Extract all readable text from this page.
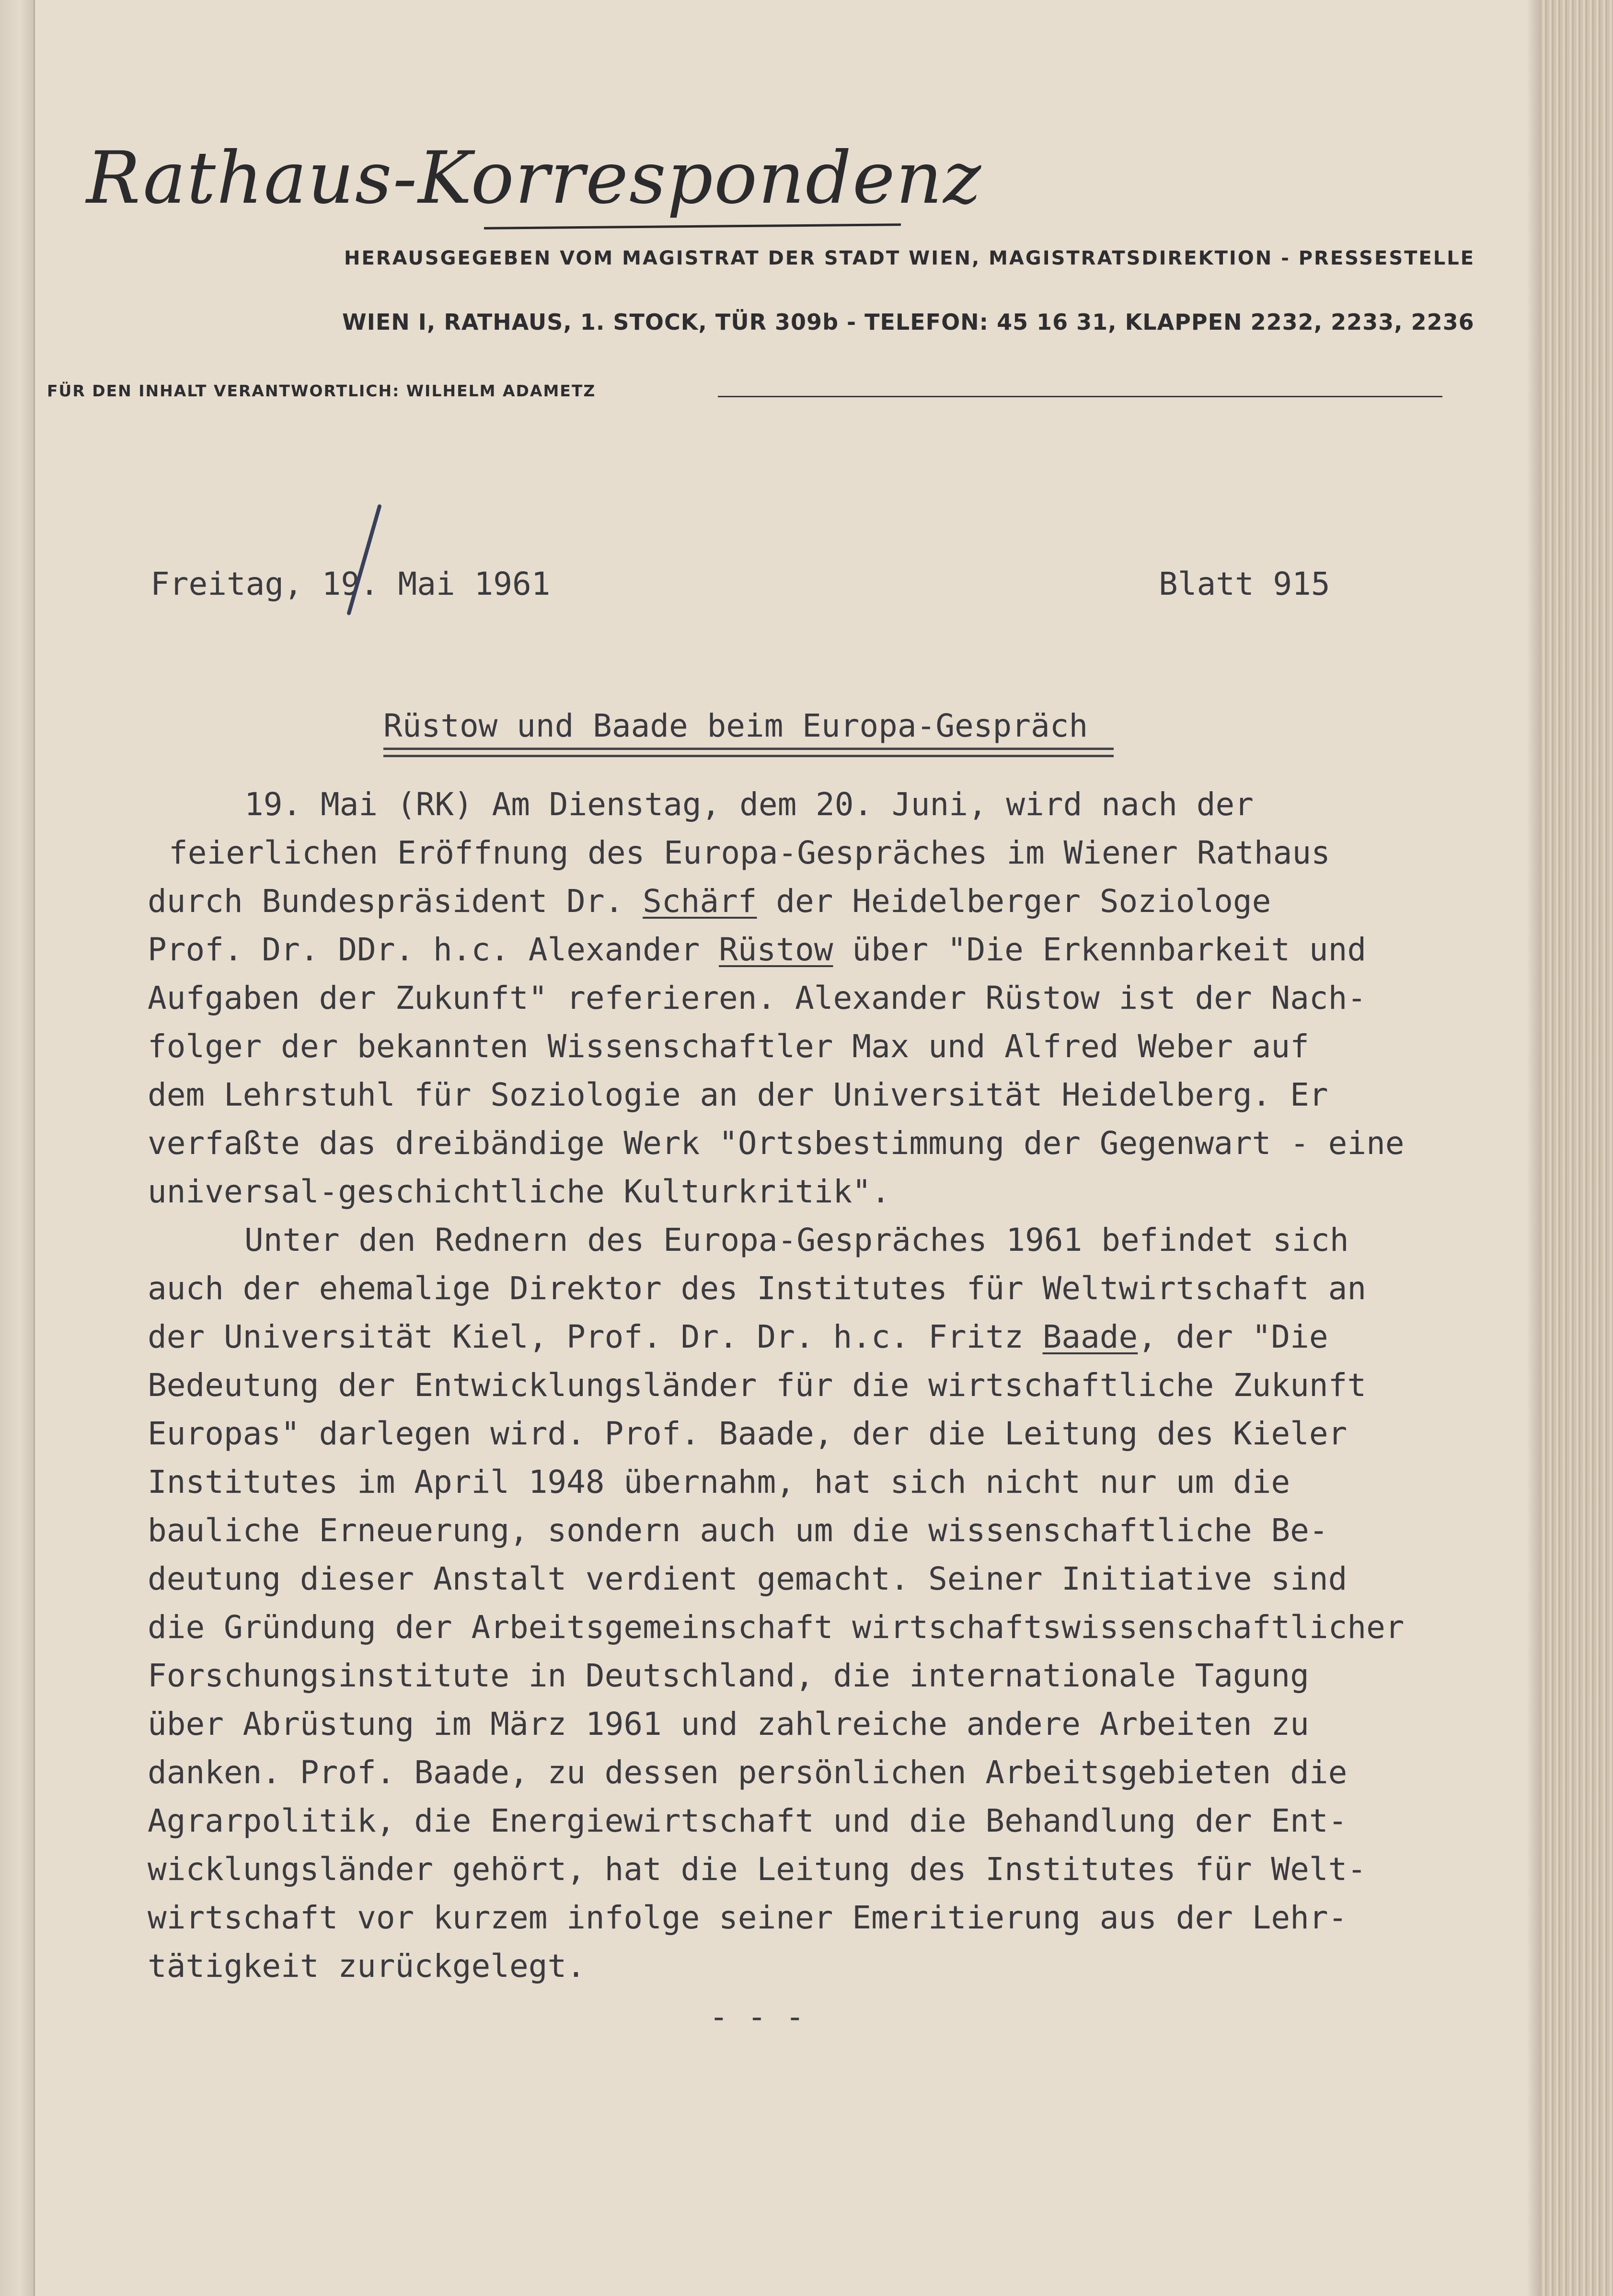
Rathaus-Korrespondenz
HERAUSGEGEBEN VOM MAGISTRAT DER STADT WIEN, MAGISTRATSDIREKTION - PRESSESTELLE
WIEN I, RATHAUS, 1. STOCK, TÜR 309b - TELEFON: 45 16 31, KLAPPEN 2232, 2233, 2236
FÜR DEN INHALT VERANTWORTLICH: WILHELM ADAMETZ
Freitag, 19. Mai 1961	Blatt 915
Rüstow und Baade beim Europa-Gespräch
19. Mai (RK) Am Dienstag, dem 20. Juni, wird nach der
feierlichen Eröffnung des Europa-Gespräches im Wiener Rathaus
durch Bundespräsident Dr. Schärf der Heidelberger Soziologe
Prof. Dr. DDr. h.c. Alexander Rüstow über "Die Erkennbarkeit und
Aufgaben der Zukunft" referieren. Alexander Rüstow ist der Nach-
folger der bekannten Wissenschaftler Max und Alfred Weber auf
dem Lehrstuhl für Soziologie an der Universität Heidelberg. Er
verfaßte das dreibändige Werk "Ortsbestimmung der Gegenwart - eine
universal-geschichtliche Kulturkritik".
Unter den Rednern des Europa-Gespräches 1961 befindet sich
auch der ehemalige Direktor des Institutes für Weltwirtschaft an
der Universität Kiel, Prof. Dr. Dr. h.c. Fritz Baade, der "Die
Bedeutung der Entwicklungsländer für die wirtschaftliche Zukunft
Europas" darlegen wird. Prof. Baade, der die Leitung des Kieler
Institutes im April 1948 übernahm, hat sich nicht nur um die
bauliche Erneuerung, sondern auch um die wissenschaftliche Be-
deutung dieser Anstalt verdient gemacht. Seiner Initiative sind
die Gründung der Arbeitsgemeinschaft wirtschaftswissenschaftlicher
Forschungsinstitute in Deutschland, die internationale Tagung
über Abrüstung im März 1961 und zahlreiche andere Arbeiten zu
danken. Prof. Baade, zu dessen persönlichen Arbeitsgebieten die
Agrarpolitik, die Energiewirtschaft und die Behandlung der Ent-
wicklungsländer gehört, hat die Leitung des Institutes für Welt-
wirtschaft vor kurzem infolge seiner Emeritierung aus der Lehr-
tätigkeit zurückgelegt.
- - -
